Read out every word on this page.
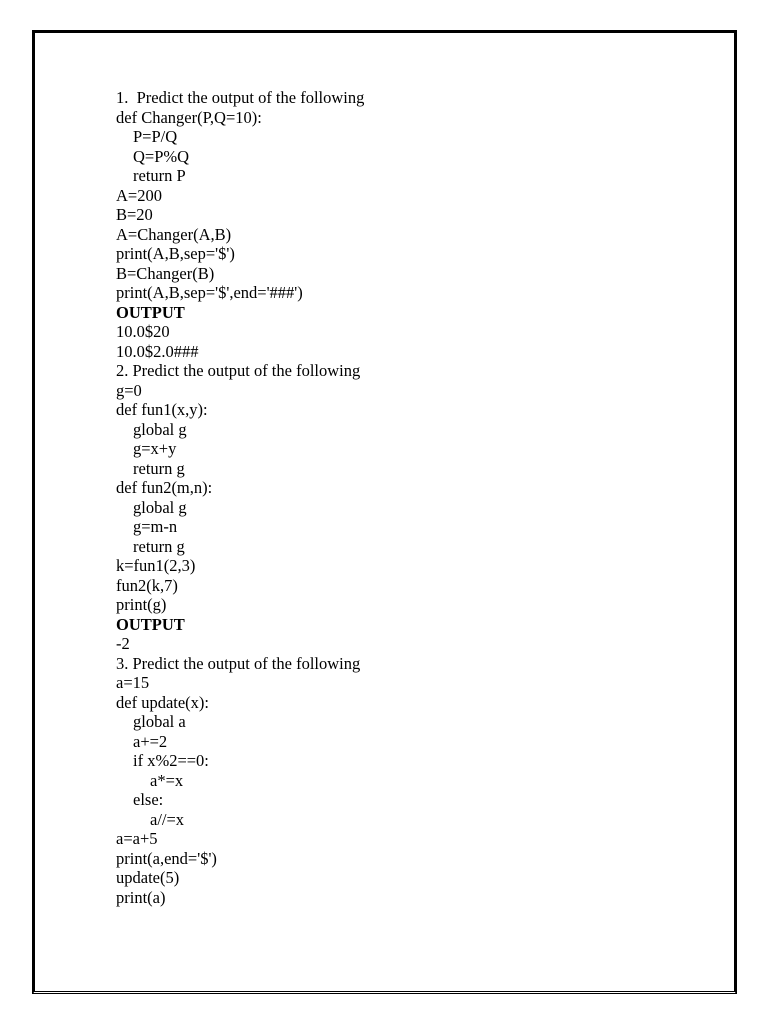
1.  Predict the output of the following
def Changer(P,Q=10):
P=P/Q
Q=P%Q
return P
A=200
B=20
A=Changer(A,B)
print(A,B,sep='$')
B=Changer(B)
print(A,B,sep='$',end='###')
OUTPUT
10.0$20
10.0$2.0###
2. Predict the output of the following
g=0
def fun1(x,y):
global g
g=x+y
return g
def fun2(m,n):
global g
g=m-n
return g
k=fun1(2,3)
fun2(k,7)
print(g)
OUTPUT
-2
3. Predict the output of the following
a=15
def update(x):
global a
a+=2
if x%2==0:
a*=x
else:
a//=x
a=a+5
print(a,end='$')
update(5)
print(a)
